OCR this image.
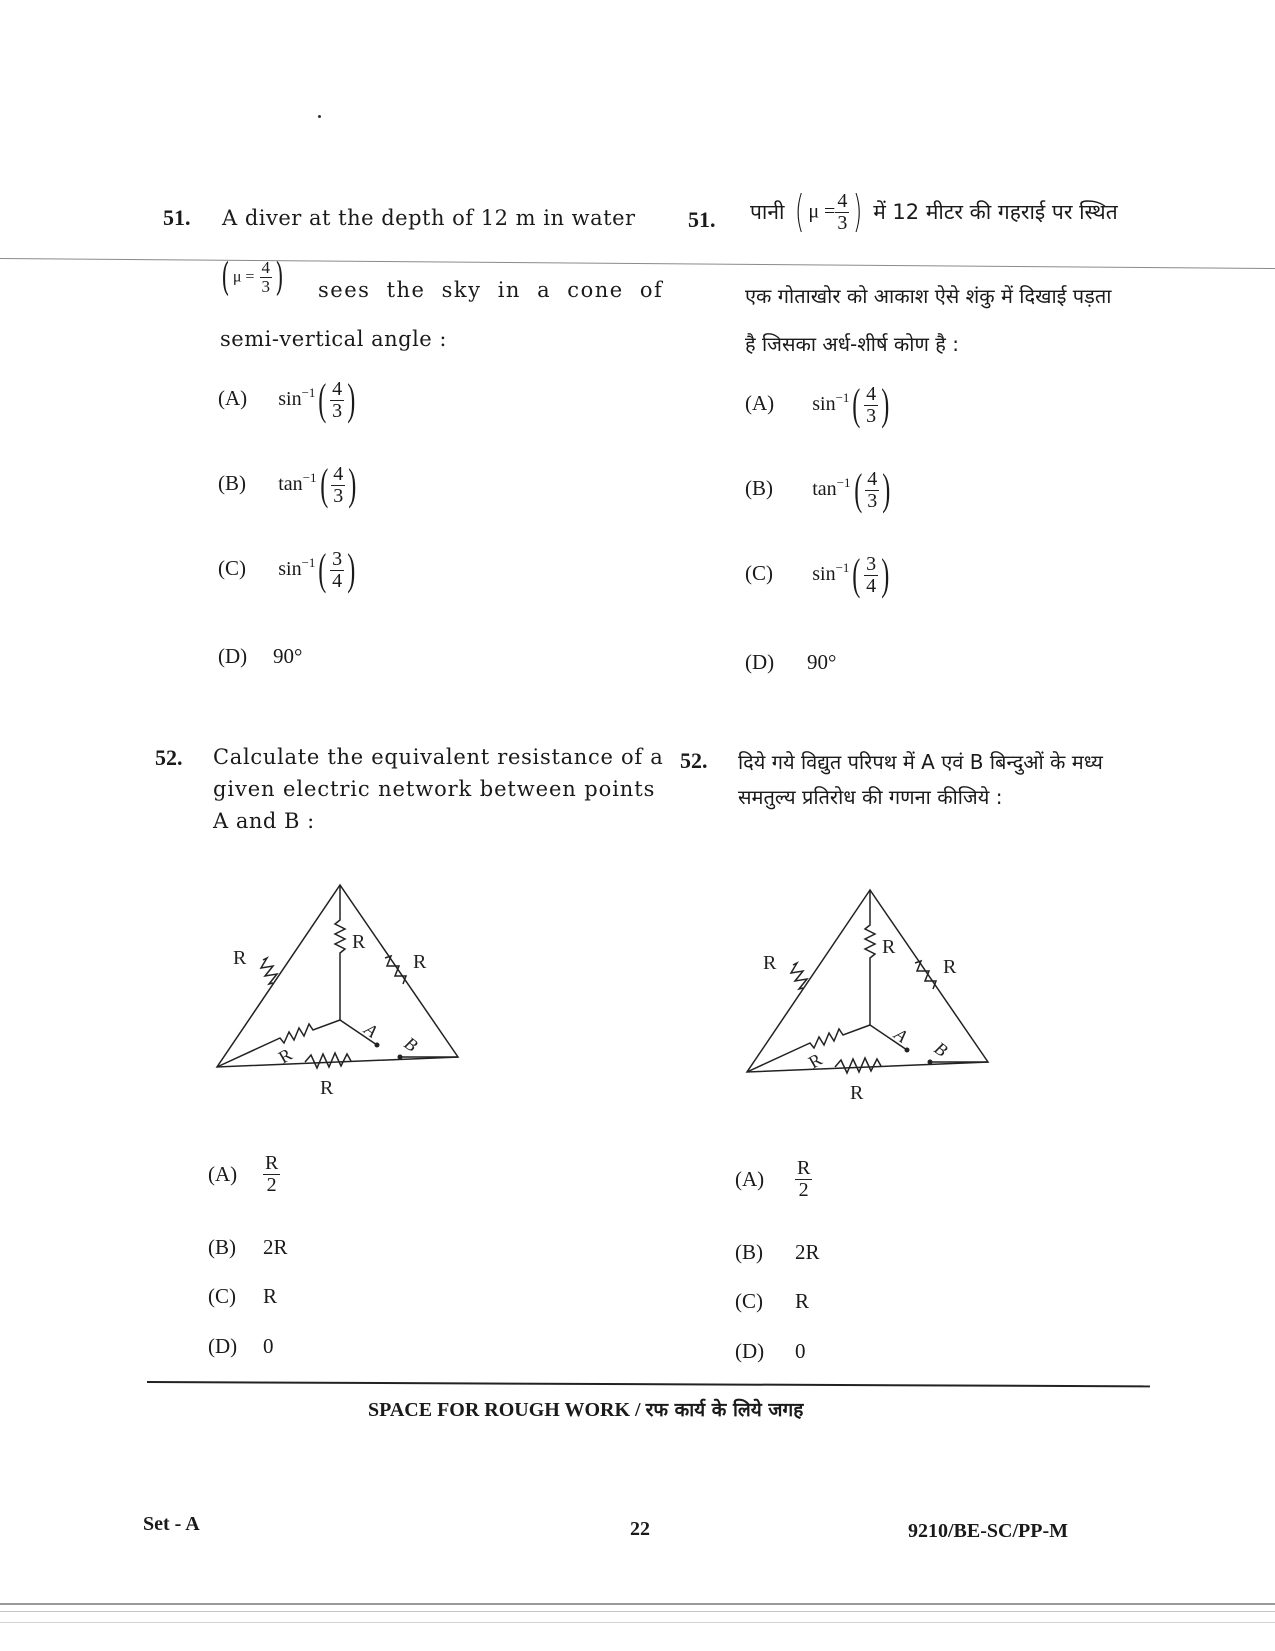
51. A diver at the depth of 12 m in water
( $\mu = \frac{4}{3}$ ) sees the sky in a cone of
semi-vertical angle :
(A) $\sin^{-1}( \frac{4}{3}$ )
(B) $\tan^{-1}( \frac{4}{3}$ )
(C) $\sin^{-1}( \frac{3}{4}$ )
(D) 90°
51. पानी ( $\mu = \frac{4}{3}$ ) में 12 मीटर की गहराई पर स्थित
एक गोताखोर को आकाश ऐसे शंकु में दिखाई पड़ता
है जिसका अर्ध-शीर्ष कोण है :
(A) $\sin^{-1}( \frac{4}{3}$ )
(B) $\tan^{-1}( \frac{4}{3}$ )
(C) $\sin^{-1}( \frac{3}{4}$ )
(D) 90°
52. Calculate the equivalent resistance of a
given electric network between points
A and B :
R
R
R
R
R
A
B
$(A) \frac{R}{2}$
(B) 2R
(C) R
(D) 0
52. दिये गये विद्युत परिपथ में A एवं B बिन्दुओं के मध्य
समतुल्य प्रतिरोध की गणना कीजिये :
R
R
R
R
R
A
B
$(A) \frac{R}{2}$
(B) 2R
(C) R
(D) 0
SPACE FOR ROUGH WORK / रफ कार्य के लिये जगह
Set - A	22	9210/BE-SC/PP-M
